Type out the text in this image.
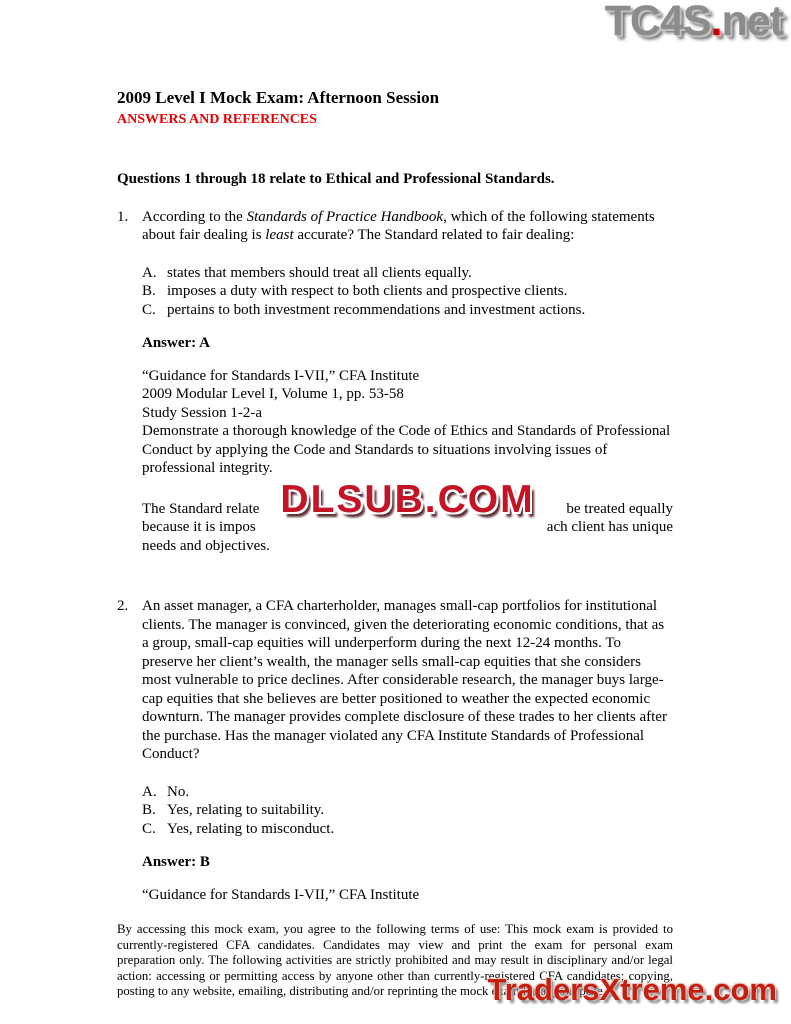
TC4S.net
2009 Level I Mock Exam: Afternoon Session
ANSWERS AND REFERENCES
Questions 1 through 18 relate to Ethical and Professional Standards.
1. According to the Standards of Practice Handbook, which of the following statements about fair dealing is least accurate? The Standard related to fair dealing:
A. states that members should treat all clients equally.
B. imposes a duty with respect to both clients and prospective clients.
C. pertains to both investment recommendations and investment actions.
Answer: A
“Guidance for Standards I-VII,” CFA Institute
2009 Modular Level I, Volume 1, pp. 53-58
Study Session 1-2-a
Demonstrate a thorough knowledge of the Code of Ethics and Standards of Professional Conduct by applying the Code and Standards to situations involving issues of professional integrity.
DLSUB.COM
The Standard relate	be treated equally
because it is impos	ach client has unique
needs and objectives.
2. An asset manager, a CFA charterholder, manages small-cap portfolios for institutional clients. The manager is convinced, given the deteriorating economic conditions, that as a group, small-cap equities will underperform during the next 12-24 months. To preserve her client’s wealth, the manager sells small-cap equities that she considers most vulnerable to price declines. After considerable research, the manager buys large-cap equities that she believes are better positioned to weather the expected economic downturn. The manager provides complete disclosure of these trades to her clients after the purchase. Has the manager violated any CFA Institute Standards of Professional Conduct?
A. No.
B. Yes, relating to suitability.
C. Yes, relating to misconduct.
Answer: B
“Guidance for Standards I-VII,” CFA Institute
By accessing this mock exam, you agree to the following terms of use: This mock exam is provided to currently-registered CFA candidates. Candidates may view and print the exam for personal exam preparation only. The following activities are strictly prohibited and may result in disciplinary and/or legal action: accessing or permitting access by anyone other than currently-registered CFA candidates; copying, posting to any website, emailing, distributing and/or reprinting the mock exam for any purpose.
TradersXtreme.com
